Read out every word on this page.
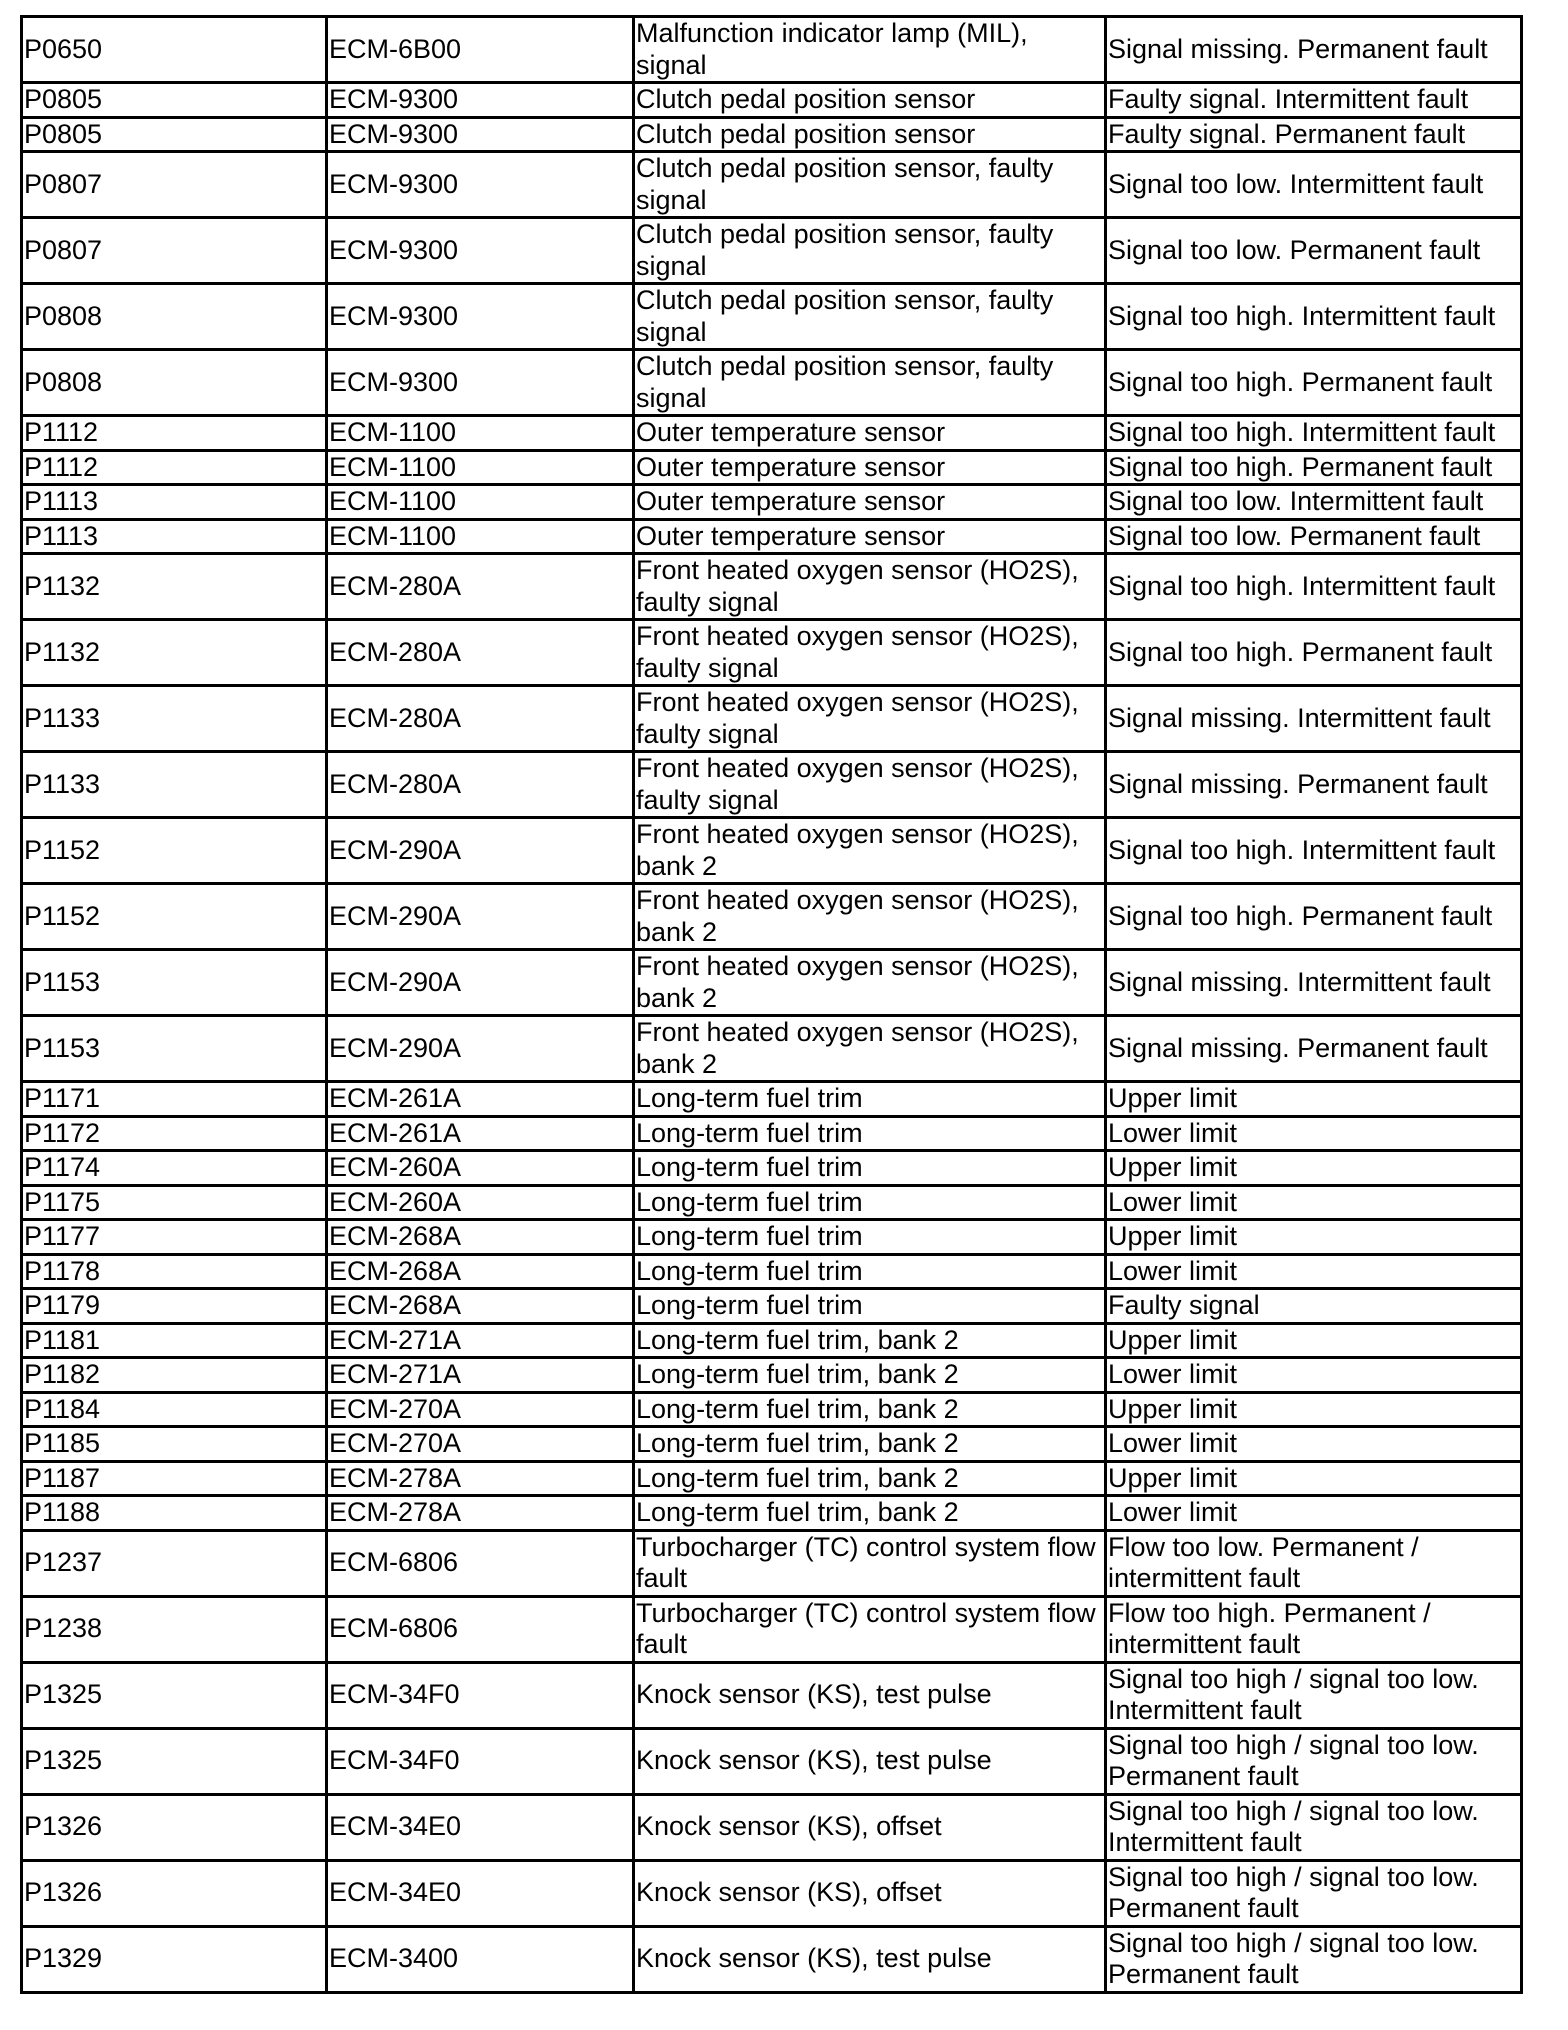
P0650	ECM-6B00	Malfunction indicator lamp (MIL), signal	Signal missing. Permanent fault
P0805	ECM-9300	Clutch pedal position sensor	Faulty signal. Intermittent fault
P0805	ECM-9300	Clutch pedal position sensor	Faulty signal. Permanent fault
P0807	ECM-9300	Clutch pedal position sensor, faulty signal	Signal too low. Intermittent fault
P0807	ECM-9300	Clutch pedal position sensor, faulty signal	Signal too low. Permanent fault
P0808	ECM-9300	Clutch pedal position sensor, faulty signal	Signal too high. Intermittent fault
P0808	ECM-9300	Clutch pedal position sensor, faulty signal	Signal too high. Permanent fault
P1112	ECM-1100	Outer temperature sensor	Signal too high. Intermittent fault
P1112	ECM-1100	Outer temperature sensor	Signal too high. Permanent fault
P1113	ECM-1100	Outer temperature sensor	Signal too low. Intermittent fault
P1113	ECM-1100	Outer temperature sensor	Signal too low. Permanent fault
P1132	ECM-280A	Front heated oxygen sensor (HO2S), faulty signal	Signal too high. Intermittent fault
P1132	ECM-280A	Front heated oxygen sensor (HO2S), faulty signal	Signal too high. Permanent fault
P1133	ECM-280A	Front heated oxygen sensor (HO2S), faulty signal	Signal missing. Intermittent fault
P1133	ECM-280A	Front heated oxygen sensor (HO2S), faulty signal	Signal missing. Permanent fault
P1152	ECM-290A	Front heated oxygen sensor (HO2S), bank 2	Signal too high. Intermittent fault
P1152	ECM-290A	Front heated oxygen sensor (HO2S), bank 2	Signal too high. Permanent fault
P1153	ECM-290A	Front heated oxygen sensor (HO2S), bank 2	Signal missing. Intermittent fault
P1153	ECM-290A	Front heated oxygen sensor (HO2S), bank 2	Signal missing. Permanent fault
P1171	ECM-261A	Long-term fuel trim	Upper limit
P1172	ECM-261A	Long-term fuel trim	Lower limit
P1174	ECM-260A	Long-term fuel trim	Upper limit
P1175	ECM-260A	Long-term fuel trim	Lower limit
P1177	ECM-268A	Long-term fuel trim	Upper limit
P1178	ECM-268A	Long-term fuel trim	Lower limit
P1179	ECM-268A	Long-term fuel trim	Faulty signal
P1181	ECM-271A	Long-term fuel trim, bank 2	Upper limit
P1182	ECM-271A	Long-term fuel trim, bank 2	Lower limit
P1184	ECM-270A	Long-term fuel trim, bank 2	Upper limit
P1185	ECM-270A	Long-term fuel trim, bank 2	Lower limit
P1187	ECM-278A	Long-term fuel trim, bank 2	Upper limit
P1188	ECM-278A	Long-term fuel trim, bank 2	Lower limit
P1237	ECM-6806	Turbocharger (TC) control system flow fault	Flow too low. Permanent / intermittent fault
P1238	ECM-6806	Turbocharger (TC) control system flow fault	Flow too high. Permanent / intermittent fault
P1325	ECM-34F0	Knock sensor (KS), test pulse	Signal too high / signal too low. Intermittent fault
P1325	ECM-34F0	Knock sensor (KS), test pulse	Signal too high / signal too low. Permanent fault
P1326	ECM-34E0	Knock sensor (KS), offset	Signal too high / signal too low. Intermittent fault
P1326	ECM-34E0	Knock sensor (KS), offset	Signal too high / signal too low. Permanent fault
P1329	ECM-3400	Knock sensor (KS), test pulse	Signal too high / signal too low. Permanent fault
